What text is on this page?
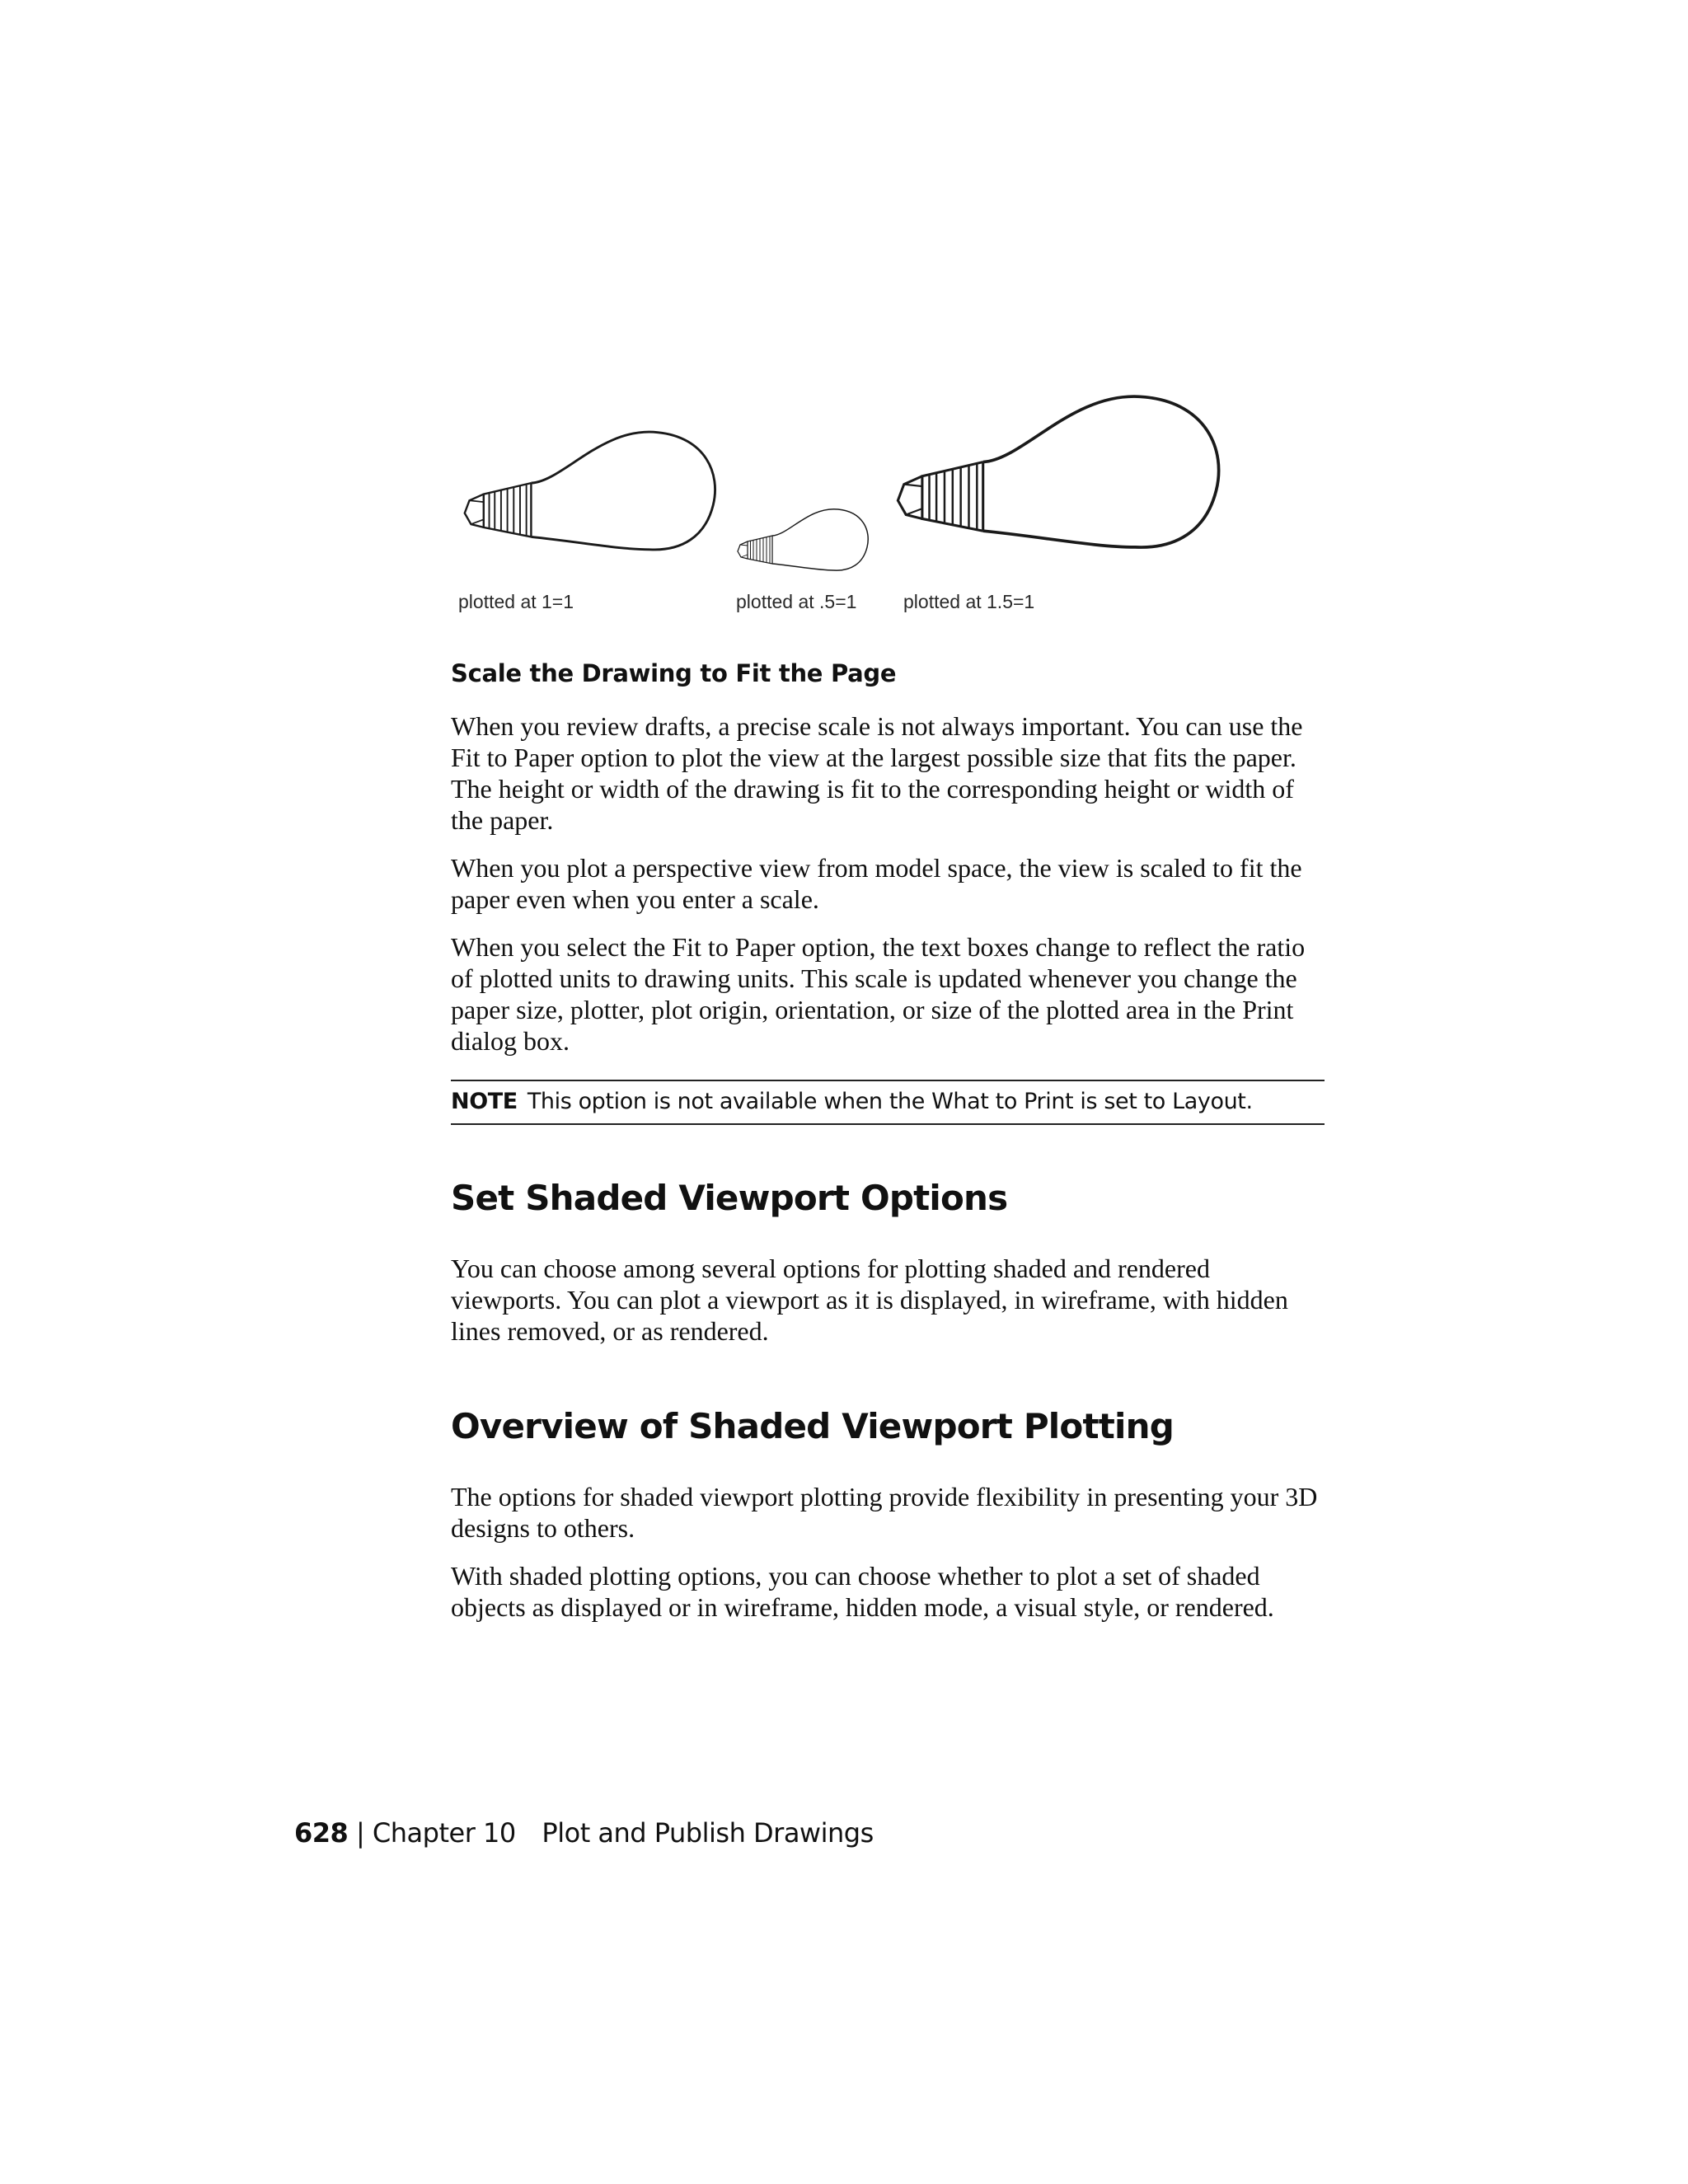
plotted at 1=1	plotted at .5=1 plotted at 1.5=1
Scale the Drawing to Fit the Page

When you review drafts, a precise scale is not always important. You can use the Fit to Paper option to plot the view at the largest possible size that fits the paper. The height or width of the drawing is fit to the corresponding height or width of the paper.

When you plot a perspective view from model space, the view is scaled to fit the paper even when you enter a scale.

When you select the Fit to Paper option, the text boxes change to reflect the ratio of plotted units to drawing units. This scale is updated whenever you change the paper size, plotter, plot origin, orientation, or size of the plotted area in the Print dialog box.

NOTE This option is not available when the What to Print is set to Layout.
Set Shaded Viewport Options

You can choose among several options for plotting shaded and rendered viewports. You can plot a viewport as it is displayed, in wireframe, with hidden lines removed, or as rendered.

Overview of Shaded Viewport Plotting

The options for shaded viewport plotting provide flexibility in presenting your 3D designs to others.

With shaded plotting options, you can choose whether to plot a set of shaded objects as displayed or in wireframe, hidden mode, a visual style, or rendered.

628 | Chapter 10 Plot and Publish Drawings
